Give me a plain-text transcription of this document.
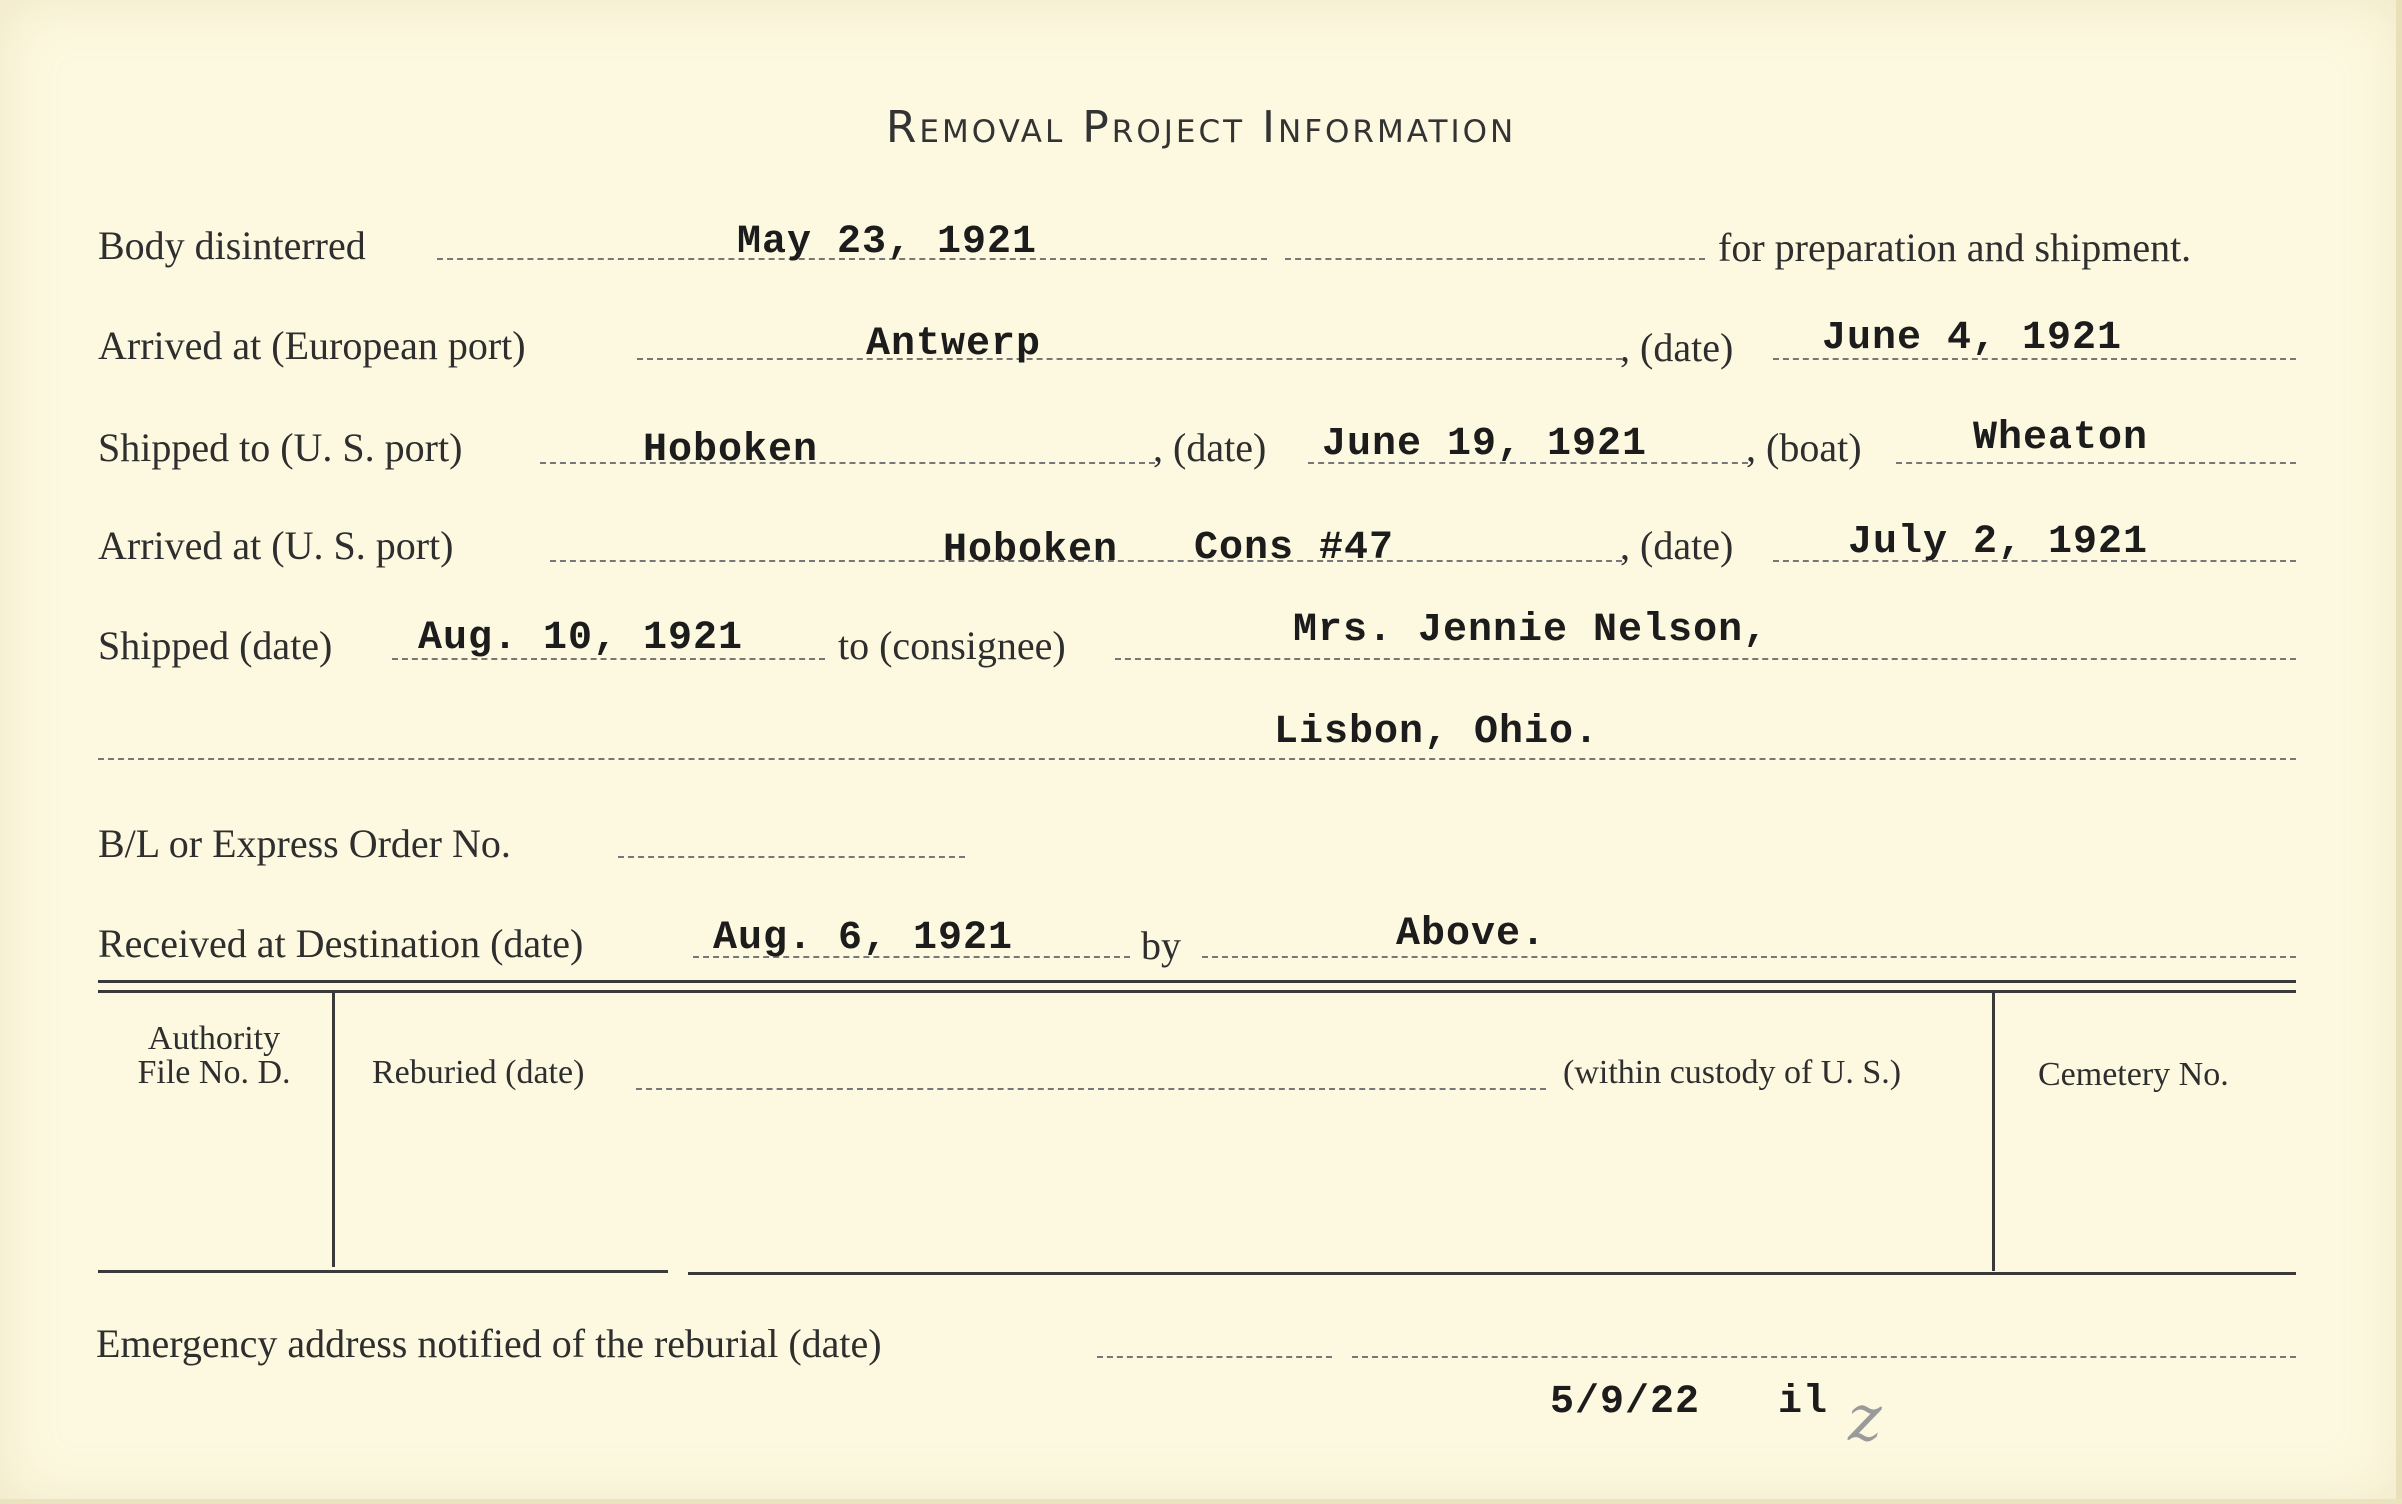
Removal Project Information
Body disinterred	May 23, 1921	for preparation and shipment.
Arrived at (European port)	Antwerp	, (date) June 4, 1921
Shipped to (U. S. port)	Hoboken	, (date) June 19, 1921 , (boat)	Wheaton
Arrived at (U. S. port)	Hoboken Cons #47	, (date)	July 2, 1921
Shipped (date) Aug. 10, 1921 to (consignee)	Mrs. Jennie Nelson,
Lisbon, Ohio.
B/L or Express Order No.
Received at Destination (date)	Aug. 6, 1921	by	Above.
Authority
File No. D.	Reburied (date)	(within custody of U. S.)	Cemetery No.
Emergency address notified of the reburial (date)
5/9/22 il z
